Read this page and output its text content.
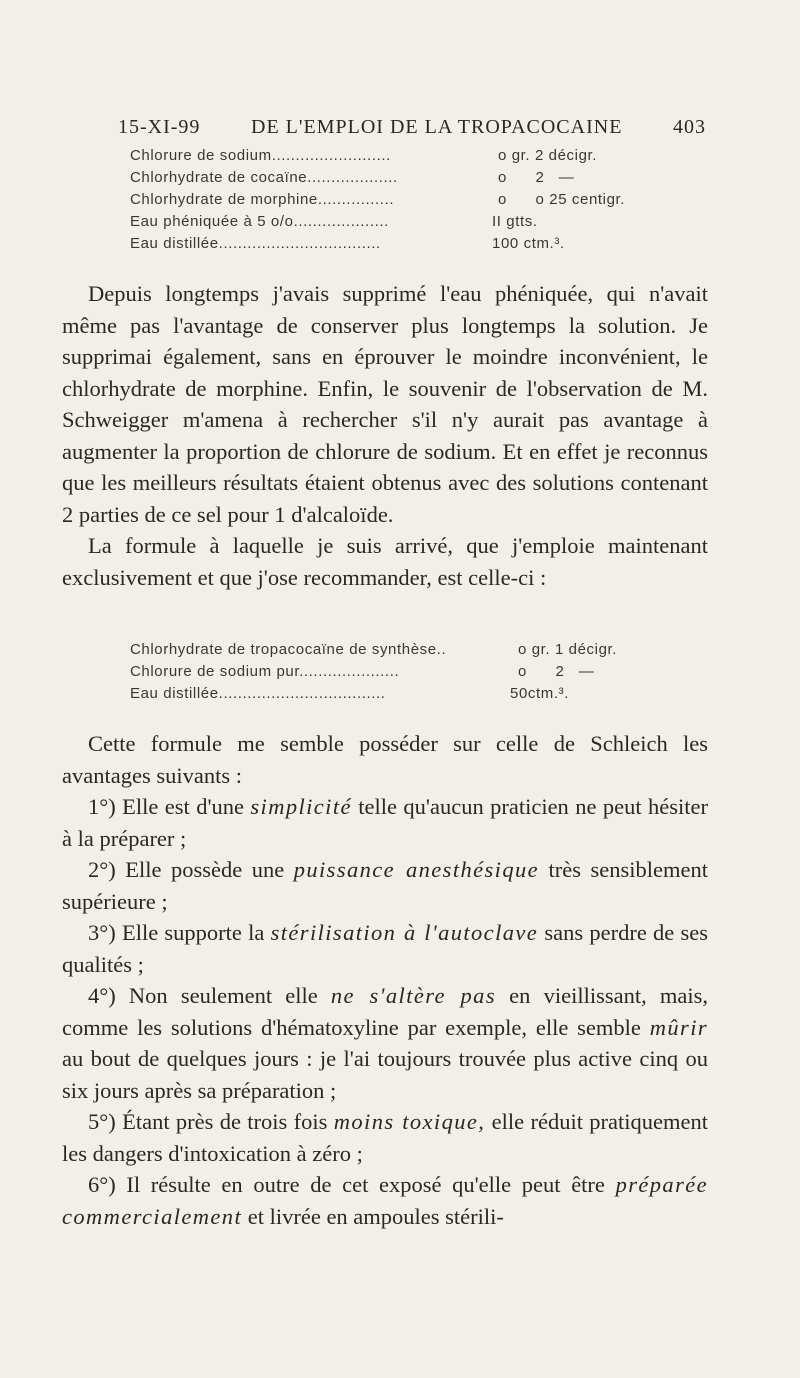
15-XI-99	DE L'EMPLOI DE LA TROPACOCAINE	403
Chlorure de sodium.........................	o gr. 2 décigr.
Chlorhydrate de cocaïne...................	o      2   —
Chlorhydrate de morphine................	o      o 25 centigr.
Eau phéniquée à 5 o/o....................	II gtts.
Eau distillée..................................	100 ctm.³.

Depuis longtemps j'avais supprimé l'eau phéniquée, qui n'avait même pas l'avantage de conserver plus longtemps la solution. Je supprimai également, sans en éprouver le moindre inconvénient, le chlorhydrate de morphine. Enfin, le souvenir de l'observation de M. Schweigger m'amena à rechercher s'il n'y aurait pas avantage à augmenter la proportion de chlorure de sodium. Et en effet je reconnus que les meilleurs résultats étaient obtenus avec des solutions contenant 2 parties de ce sel pour 1 d'alcaloïde.

La formule à laquelle je suis arrivé, que j'emploie maintenant exclusivement et que j'ose recommander, est celle-ci :

Chlorhydrate de tropacocaïne de synthèse..	o gr. 1 décigr.
Chlorure de sodium pur.....................	o      2   —
Eau distillée...................................	50ctm.³.

Cette formule me semble posséder sur celle de Schleich les avantages suivants :

1°) Elle est d'une simplicité telle qu'aucun praticien ne peut hésiter à la préparer ;

2°) Elle possède une puissance anesthésique très sensiblement supérieure ;

3°) Elle supporte la stérilisation à l'autoclave sans perdre de ses qualités ;

4°) Non seulement elle ne s'altère pas en vieillissant, mais, comme les solutions d'hématoxyline par exemple, elle semble mûrir au bout de quelques jours : je l'ai toujours trouvée plus active cinq ou six jours après sa préparation ;

5°) Étant près de trois fois moins toxique, elle réduit pratiquement les dangers d'intoxication à zéro ;

6°) Il résulte en outre de cet exposé qu'elle peut être préparée commercialement et livrée en ampoules stérili-
